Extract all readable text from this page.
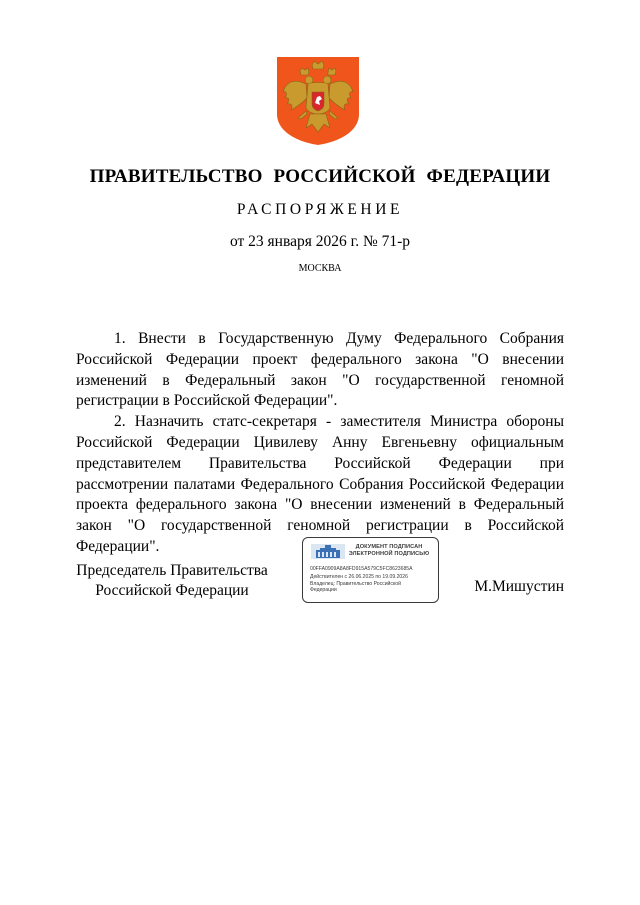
ПРАВИТЕЛЬСТВО РОССИЙСКОЙ ФЕДЕРАЦИИ
РАСПОРЯЖЕНИЕ
от 23 января 2026 г. № 71-р
МОСКВА

1. Внести в Государственную Думу Федерального Собрания Российской Федерации проект федерального закона "О внесении изменений в Федеральный закон "О государственной геномной регистрации в Российской Федерации".

2. Назначить статс-секретаря - заместителя Министра обороны Российской Федерации Цивилеву Анну Евгеньевну официальным представителем Правительства Российской Федерации при рассмотрении палатами Федерального Собрания Российской Федерации проекта федерального закона "О внесении изменений в Федеральный закон "О государственной геномной регистрации в Российской Федерации".

Председатель Правительства
Российской Федерации
ДОКУМЕНТ ПОДПИСАН
ЭЛЕКТРОННОЙ ПОДПИСЬЮ
00FFA0909A8A8FD915A579C5FC8623685A
Действителен с 26.06.2025 по 19.09.2026
Владелец: Правительство Российской
Федерации	М.Мишустин
